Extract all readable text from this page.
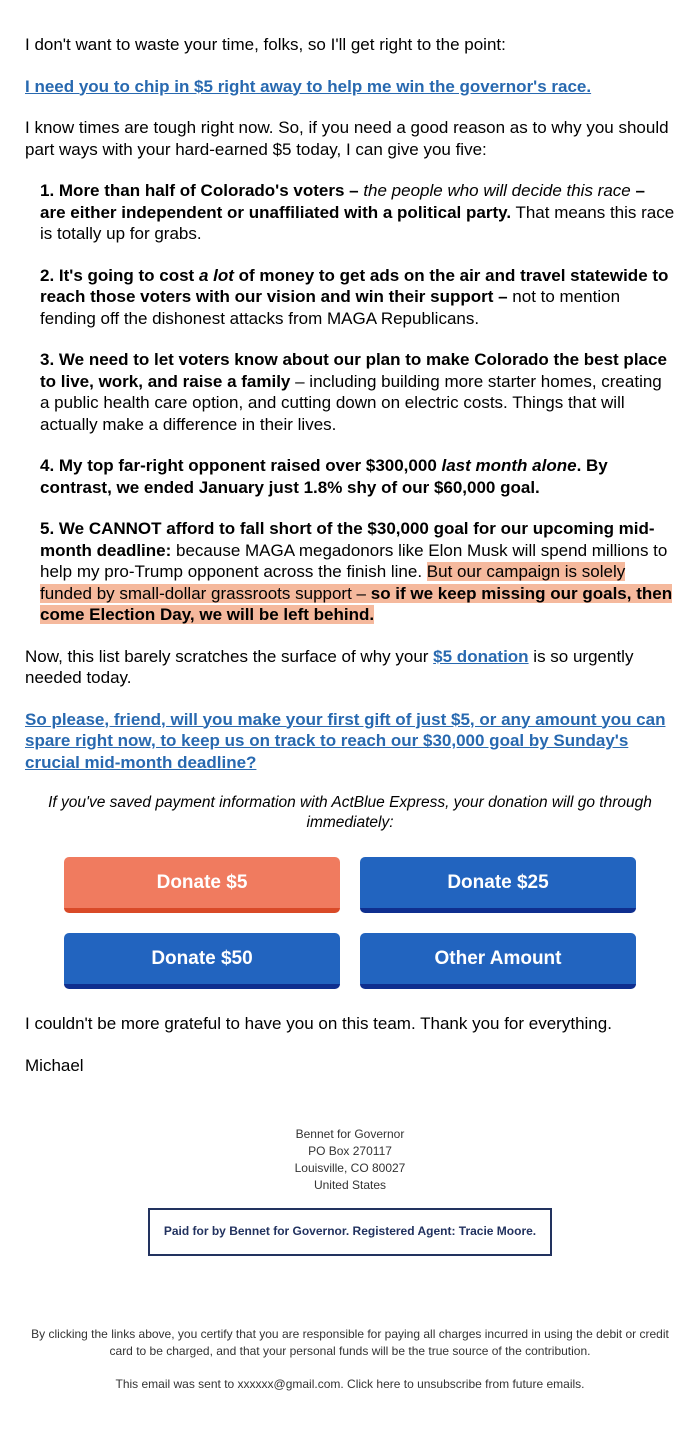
I don't want to waste your time, folks, so I'll get right to the point:

I need you to chip in $5 right away to help me win the governor's race.

I know times are tough right now. So, if you need a good reason as to why you should part ways with your hard-earned $5 today, I can give you five:

1. More than half of Colorado's voters – the people who will decide this race – are either independent or unaffiliated with a political party. That means this race is totally up for grabs.
2. It's going to cost a lot of money to get ads on the air and travel statewide to reach those voters with our vision and win their support – not to mention fending off the dishonest attacks from MAGA Republicans.
3. We need to let voters know about our plan to make Colorado the best place to live, work, and raise a family – including building more starter homes, creating a public health care option, and cutting down on electric costs. Things that will actually make a difference in their lives.
4. My top far-right opponent raised over $300,000 last month alone. By contrast, we ended January just 1.8% shy of our $60,000 goal.
5. We CANNOT afford to fall short of the $30,000 goal for our upcoming mid-month deadline: because MAGA megadonors like Elon Musk will spend millions to help my pro-Trump opponent across the finish line. But our campaign is solely funded by small-dollar grassroots support – so if we keep missing our goals, then come Election Day, we will be left behind.

Now, this list barely scratches the surface of why your $5 donation is so urgently needed today.

So please, friend, will you make your first gift of just $5, or any amount you can spare right now, to keep us on track to reach our $30,000 goal by Sunday's crucial mid-month deadline?

If you've saved payment information with ActBlue Express, your donation will go through immediately:
Donate $5	Donate $25
Donate $50	Other Amount

I couldn't be more grateful to have you on this team. Thank you for everything.

Michael

Bennet for Governor
PO Box 270117
Louisville, CO 80027
United States
Paid for by Bennet for Governor. Registered Agent: Tracie Moore.
By clicking the links above, you certify that you are responsible for paying all charges incurred in using the debit or credit card to be charged, and that your personal funds will be the true source of the contribution.
This email was sent to xxxxxx@gmail.com. Click here to unsubscribe from future emails.
